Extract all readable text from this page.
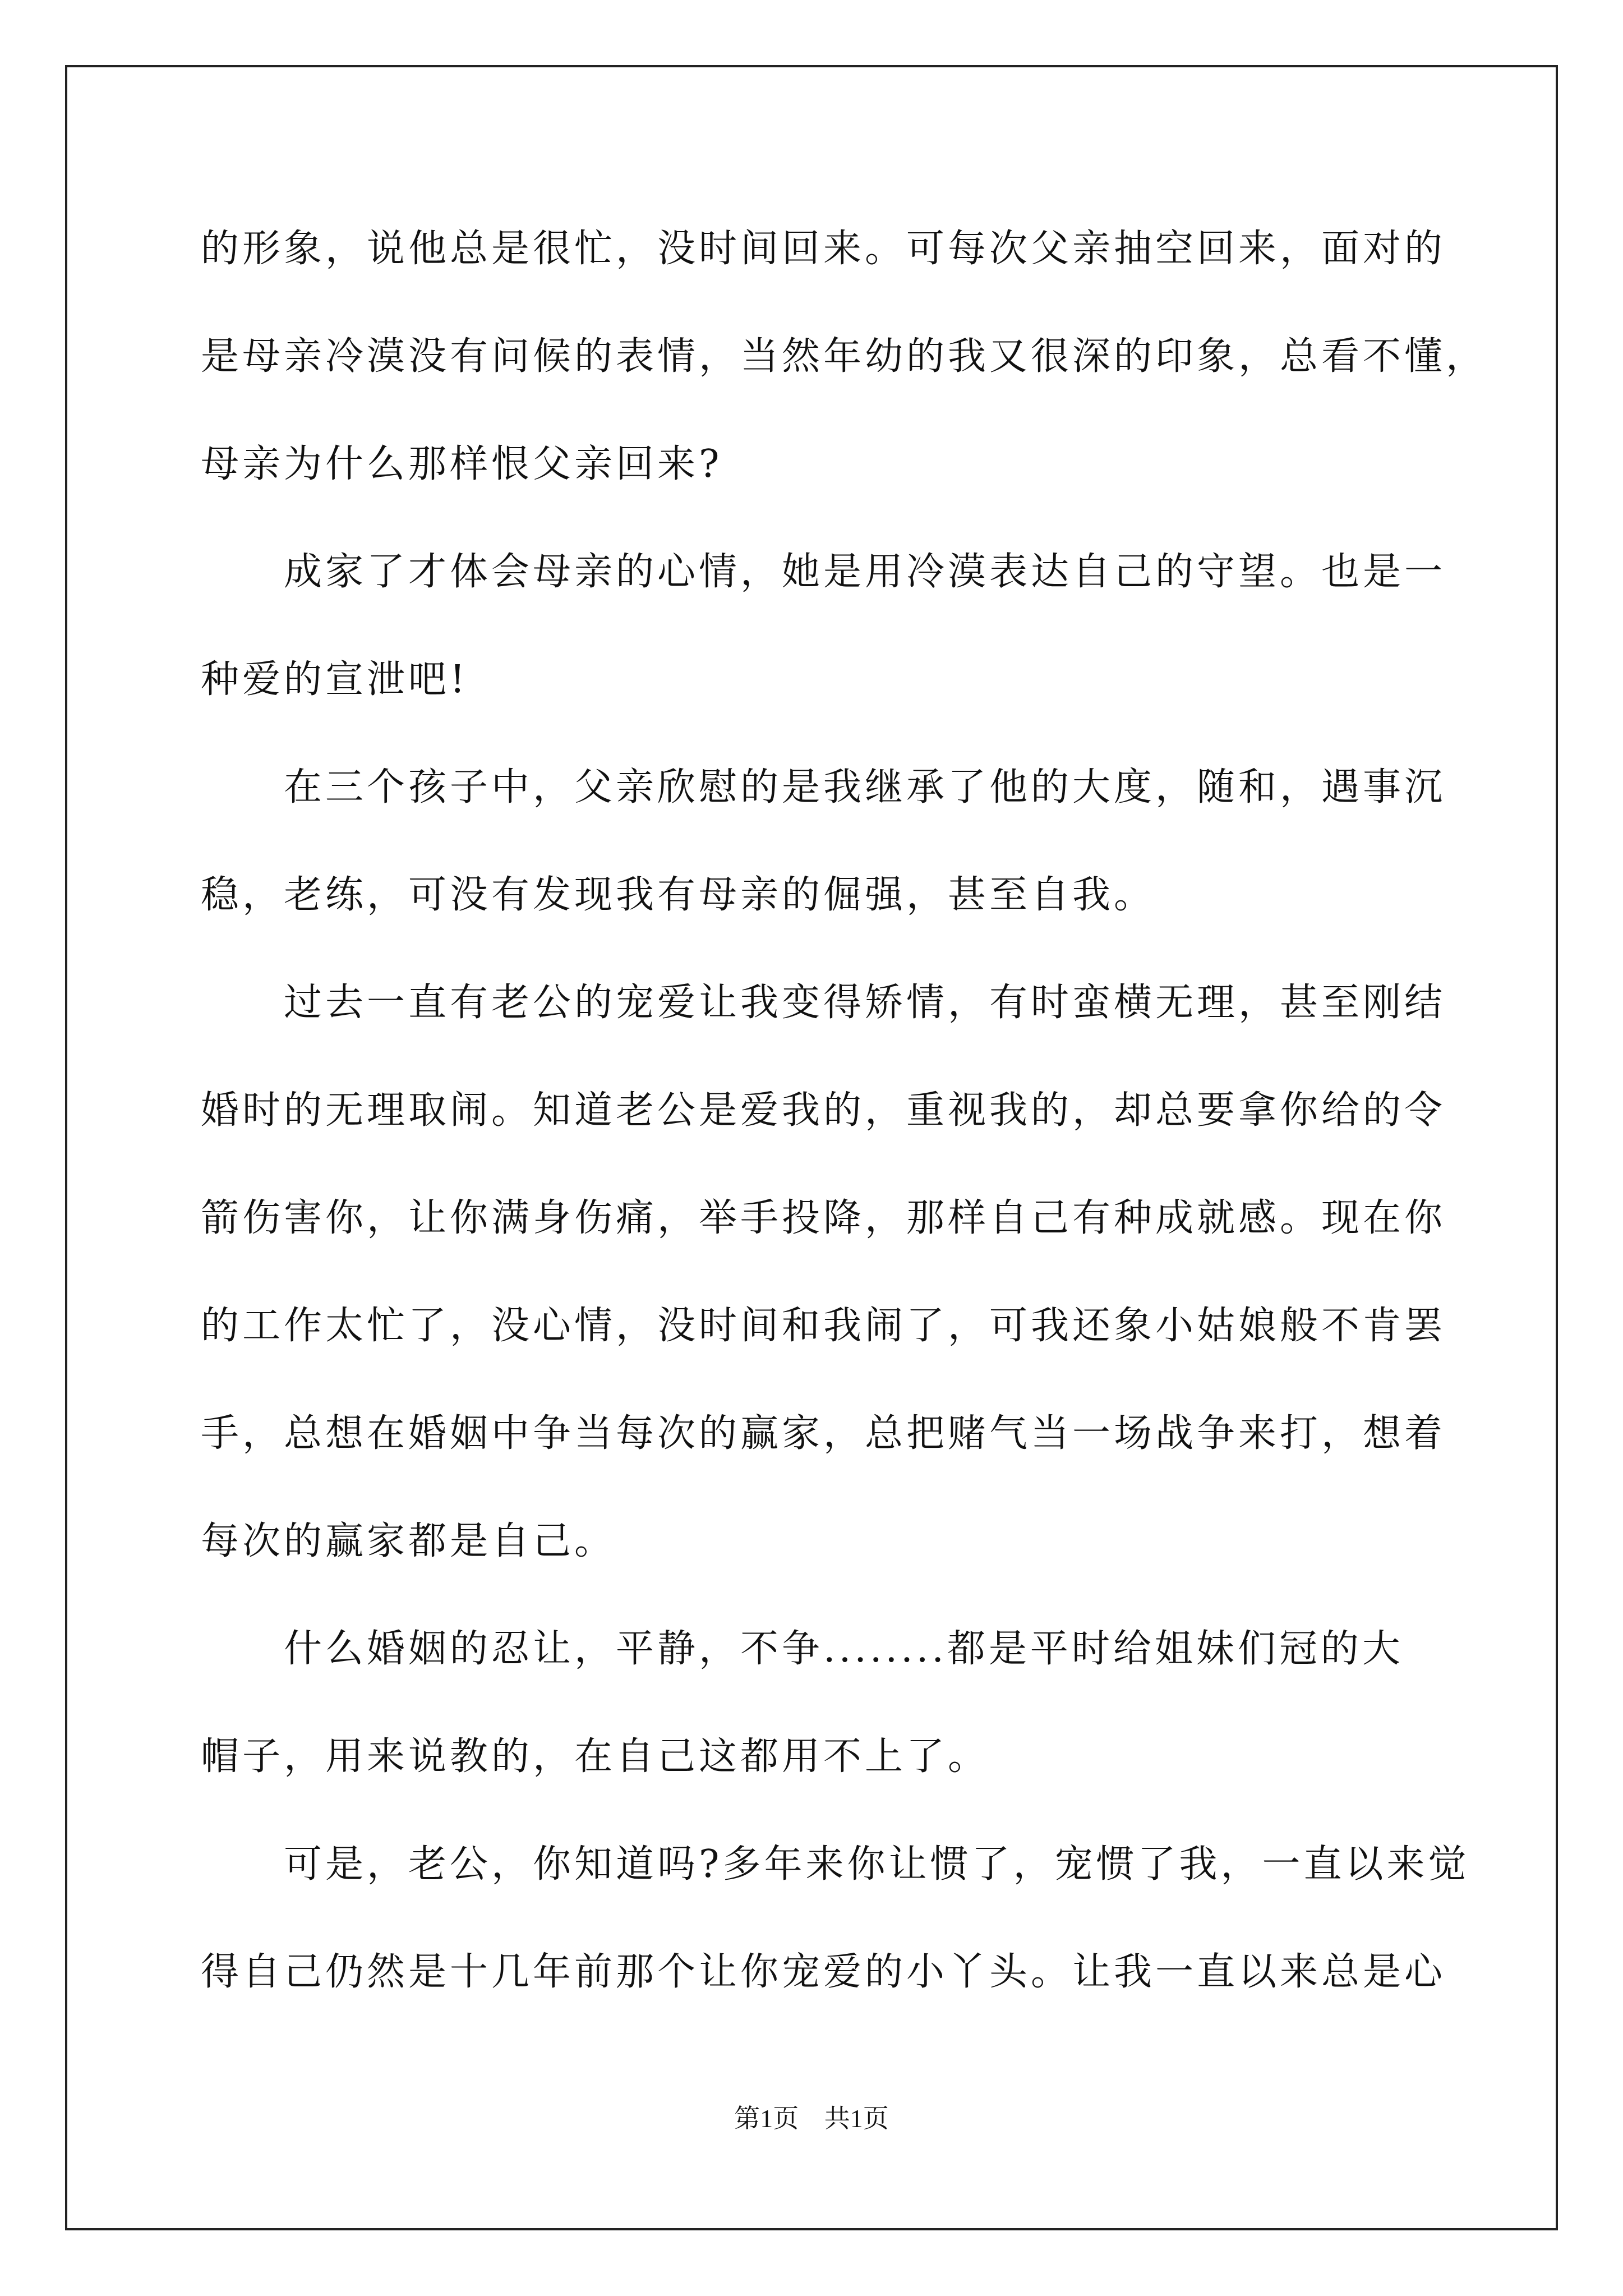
的形象，说他总是很忙，没时间回来。可每次父亲抽空回来，面对的
是母亲冷漠没有问候的表情，当然年幼的我又很深的印象，总看不懂，
母亲为什么那样恨父亲回来?
成家了才体会母亲的心情，她是用冷漠表达自己的守望。也是一
种爱的宣泄吧!
在三个孩子中，父亲欣慰的是我继承了他的大度，随和，遇事沉
稳，老练，可没有发现我有母亲的倔强，甚至自我。
过去一直有老公的宠爱让我变得矫情，有时蛮横无理，甚至刚结
婚时的无理取闹。知道老公是爱我的，重视我的，却总要拿你给的令
箭伤害你，让你满身伤痛，举手投降，那样自己有种成就感。现在你
的工作太忙了，没心情，没时间和我闹了，可我还象小姑娘般不肯罢
手，总想在婚姻中争当每次的赢家，总把赌气当一场战争来打，想着
每次的赢家都是自己。
什么婚姻的忍让，平静，不争........都是平时给姐妹们冠的大
帽子，用来说教的，在自己这都用不上了。
可是，老公，你知道吗?多年来你让惯了，宠惯了我，一直以来觉
得自己仍然是十几年前那个让你宠爱的小丫头。让我一直以来总是心
第1页 共1页
